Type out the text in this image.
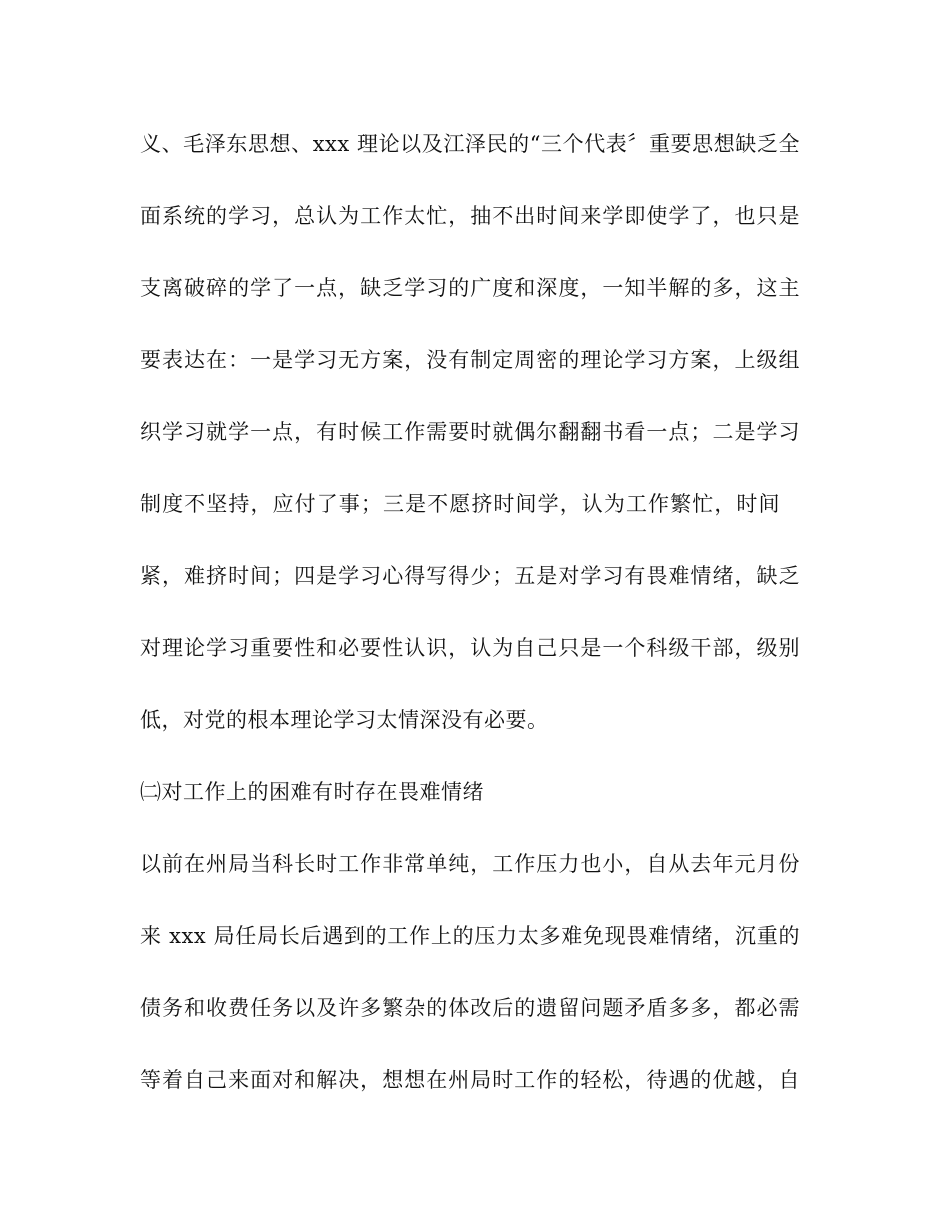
义、毛泽东思想、xxx 理论以及江泽民的“三个代表〞重要思想缺乏全
面系统的学习，总认为工作太忙，抽不出时间来学即使学了，也只是
支离破碎的学了一点，缺乏学习的广度和深度，一知半解的多，这主
要表达在：一是学习无方案，没有制定周密的理论学习方案，上级组
织学习就学一点，有时候工作需要时就偶尔翻翻书看一点；二是学习
制度不坚持，应付了事；三是不愿挤时间学，认为工作繁忙，时间
紧，难挤时间；四是学习心得写得少；五是对学习有畏难情绪，缺乏
对理论学习重要性和必要性认识，认为自己只是一个科级干部，级别
低，对党的根本理论学习太情深没有必要。
㈡对工作上的困难有时存在畏难情绪
以前在州局当科长时工作非常单纯，工作压力也小，自从去年元月份
来 xxx 局任局长后遇到的工作上的压力太多难免现畏难情绪，沉重的
债务和收费任务以及许多繁杂的体改后的遗留问题矛盾多多，都必需
等着自己来面对和解决，想想在州局时工作的轻松，待遇的优越，自
